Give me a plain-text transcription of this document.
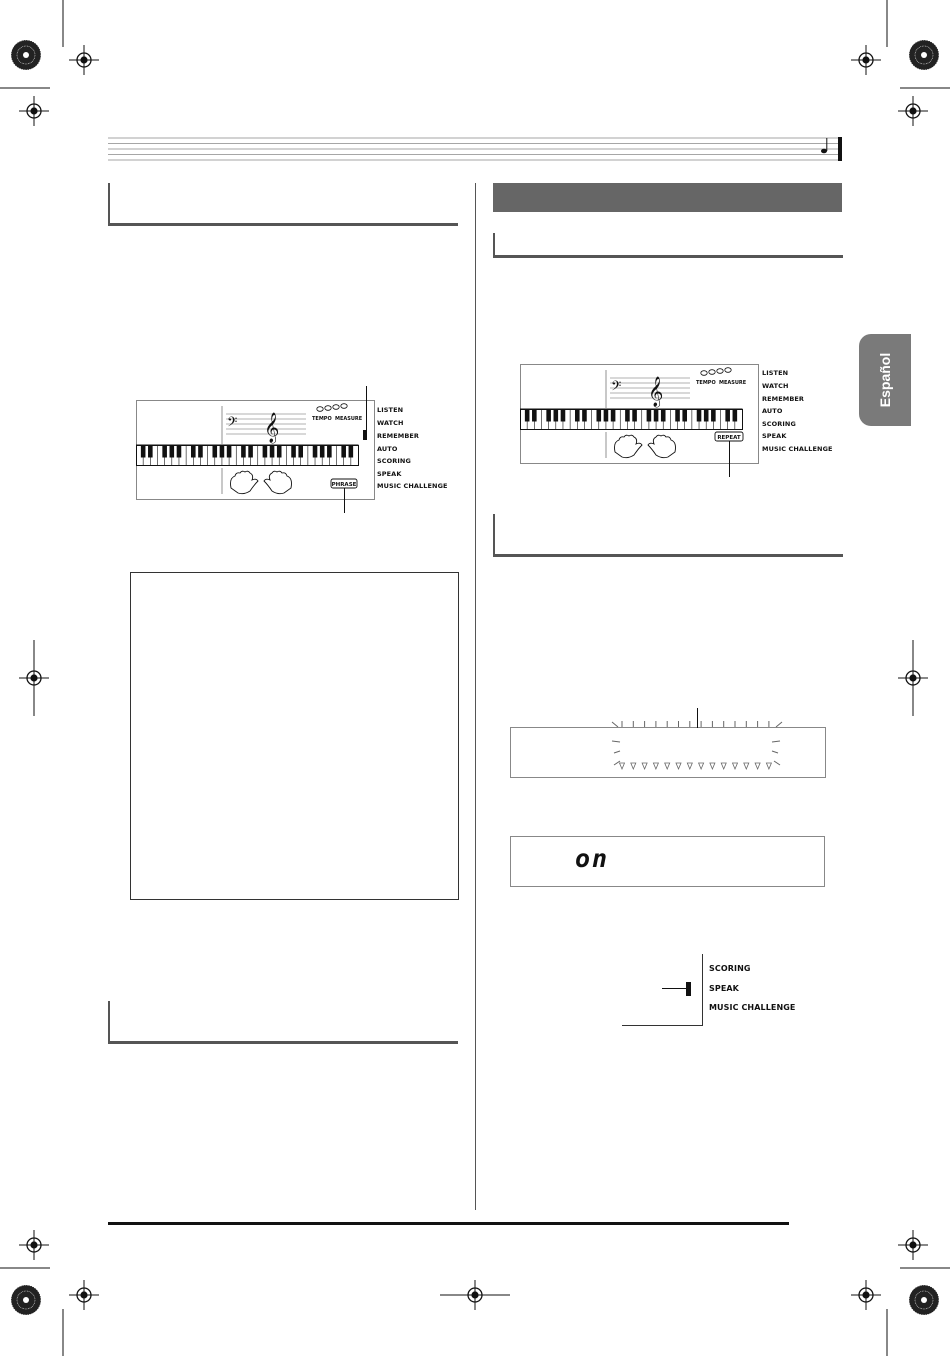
Español
𝄢 𝄞	TEMPO MEASURE
PHRASE
LISTEN
WATCH
REMEMBER
AUTO
SCORING
SPEAK
MUSIC CHALLENGE
𝄢 𝄞	TEMPO MEASURE
REPEAT
LISTEN
WATCH
REMEMBER
AUTO
SCORING
SPEAK
MUSIC CHALLENGE
on
SCORING
SPEAK
MUSIC CHALLENGE
